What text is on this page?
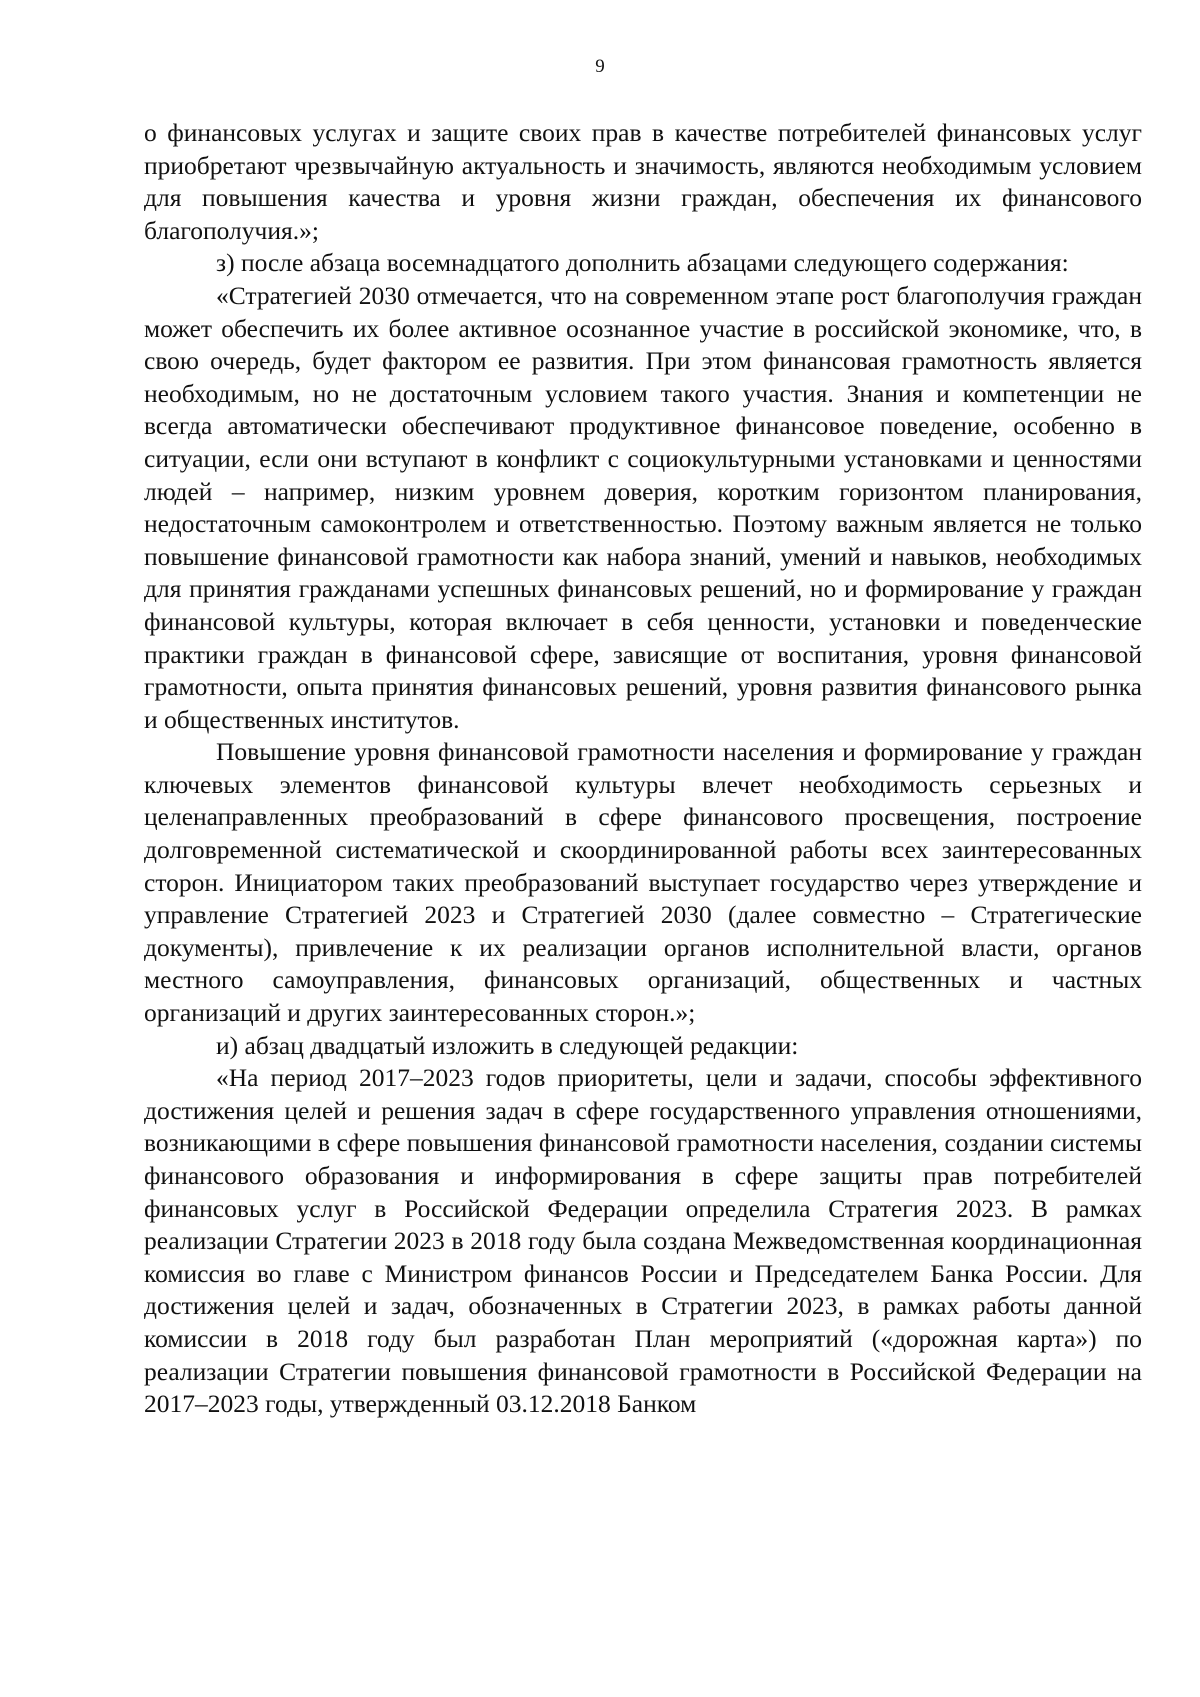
9

о финансовых услугах и защите своих прав в качестве потребителей финансовых услуг приобретают чрезвычайную актуальность и значимость, являются необходимым условием для повышения качества и уровня жизни граждан, обеспечения их финансового благополучия.»;

з) после абзаца восемнадцатого дополнить абзацами следующего содержания:

«Стратегией 2030 отмечается, что на современном этапе рост благополучия граждан может обеспечить их более активное осознанное участие в российской экономике, что, в свою очередь, будет фактором ее развития. При этом финансовая грамотность является необходимым, но не достаточным условием такого участия. Знания и компетенции не всегда автоматически обеспечивают продуктивное финансовое поведение, особенно в ситуации, если они вступают в конфликт с социокультурными установками и ценностями людей – например, низким уровнем доверия, коротким горизонтом планирования, недостаточным самоконтролем и ответственностью. Поэтому важным является не только повышение финансовой грамотности как набора знаний, умений и навыков, необходимых для принятия гражданами успешных финансовых решений, но и формирование у граждан финансовой культуры, которая включает в себя ценности, установки и поведенческие практики граждан в финансовой сфере, зависящие от воспитания, уровня финансовой грамотности, опыта принятия финансовых решений, уровня развития финансового рынка и общественных институтов.

Повышение уровня финансовой грамотности населения и формирование у граждан ключевых элементов финансовой культуры влечет необходимость серьезных и целенаправленных преобразований в сфере финансового просвещения, построение долговременной систематической и скоординированной работы всех заинтересованных сторон. Инициатором таких преобразований выступает государство через утверждение и управление Стратегией 2023 и Стратегией 2030 (далее совместно – Стратегические документы), привлечение к их реализации органов исполнительной власти, органов местного самоуправления, финансовых организаций, общественных и частных организаций и других заинтересованных сторон.»;

и) абзац двадцатый изложить в следующей редакции:

«На период 2017–2023 годов приоритеты, цели и задачи, способы эффективного достижения целей и решения задач в сфере государственного управления отношениями, возникающими в сфере повышения финансовой грамотности населения, создании системы финансового образования и информирования в сфере защиты прав потребителей финансовых услуг в Российской Федерации определила Стратегия 2023. В рамках реализации Стратегии 2023 в 2018 году была создана Межведомственная координационная комиссия во главе с Министром финансов России и Председателем Банка России. Для достижения целей и задач, обозначенных в Стратегии 2023, в рамках работы данной комиссии в 2018 году был разработан План мероприятий («дорожная карта») по реализации Стратегии повышения финансовой грамотности в Российской Федерации на 2017–2023 годы, утвержденный 03.12.2018 Банком
